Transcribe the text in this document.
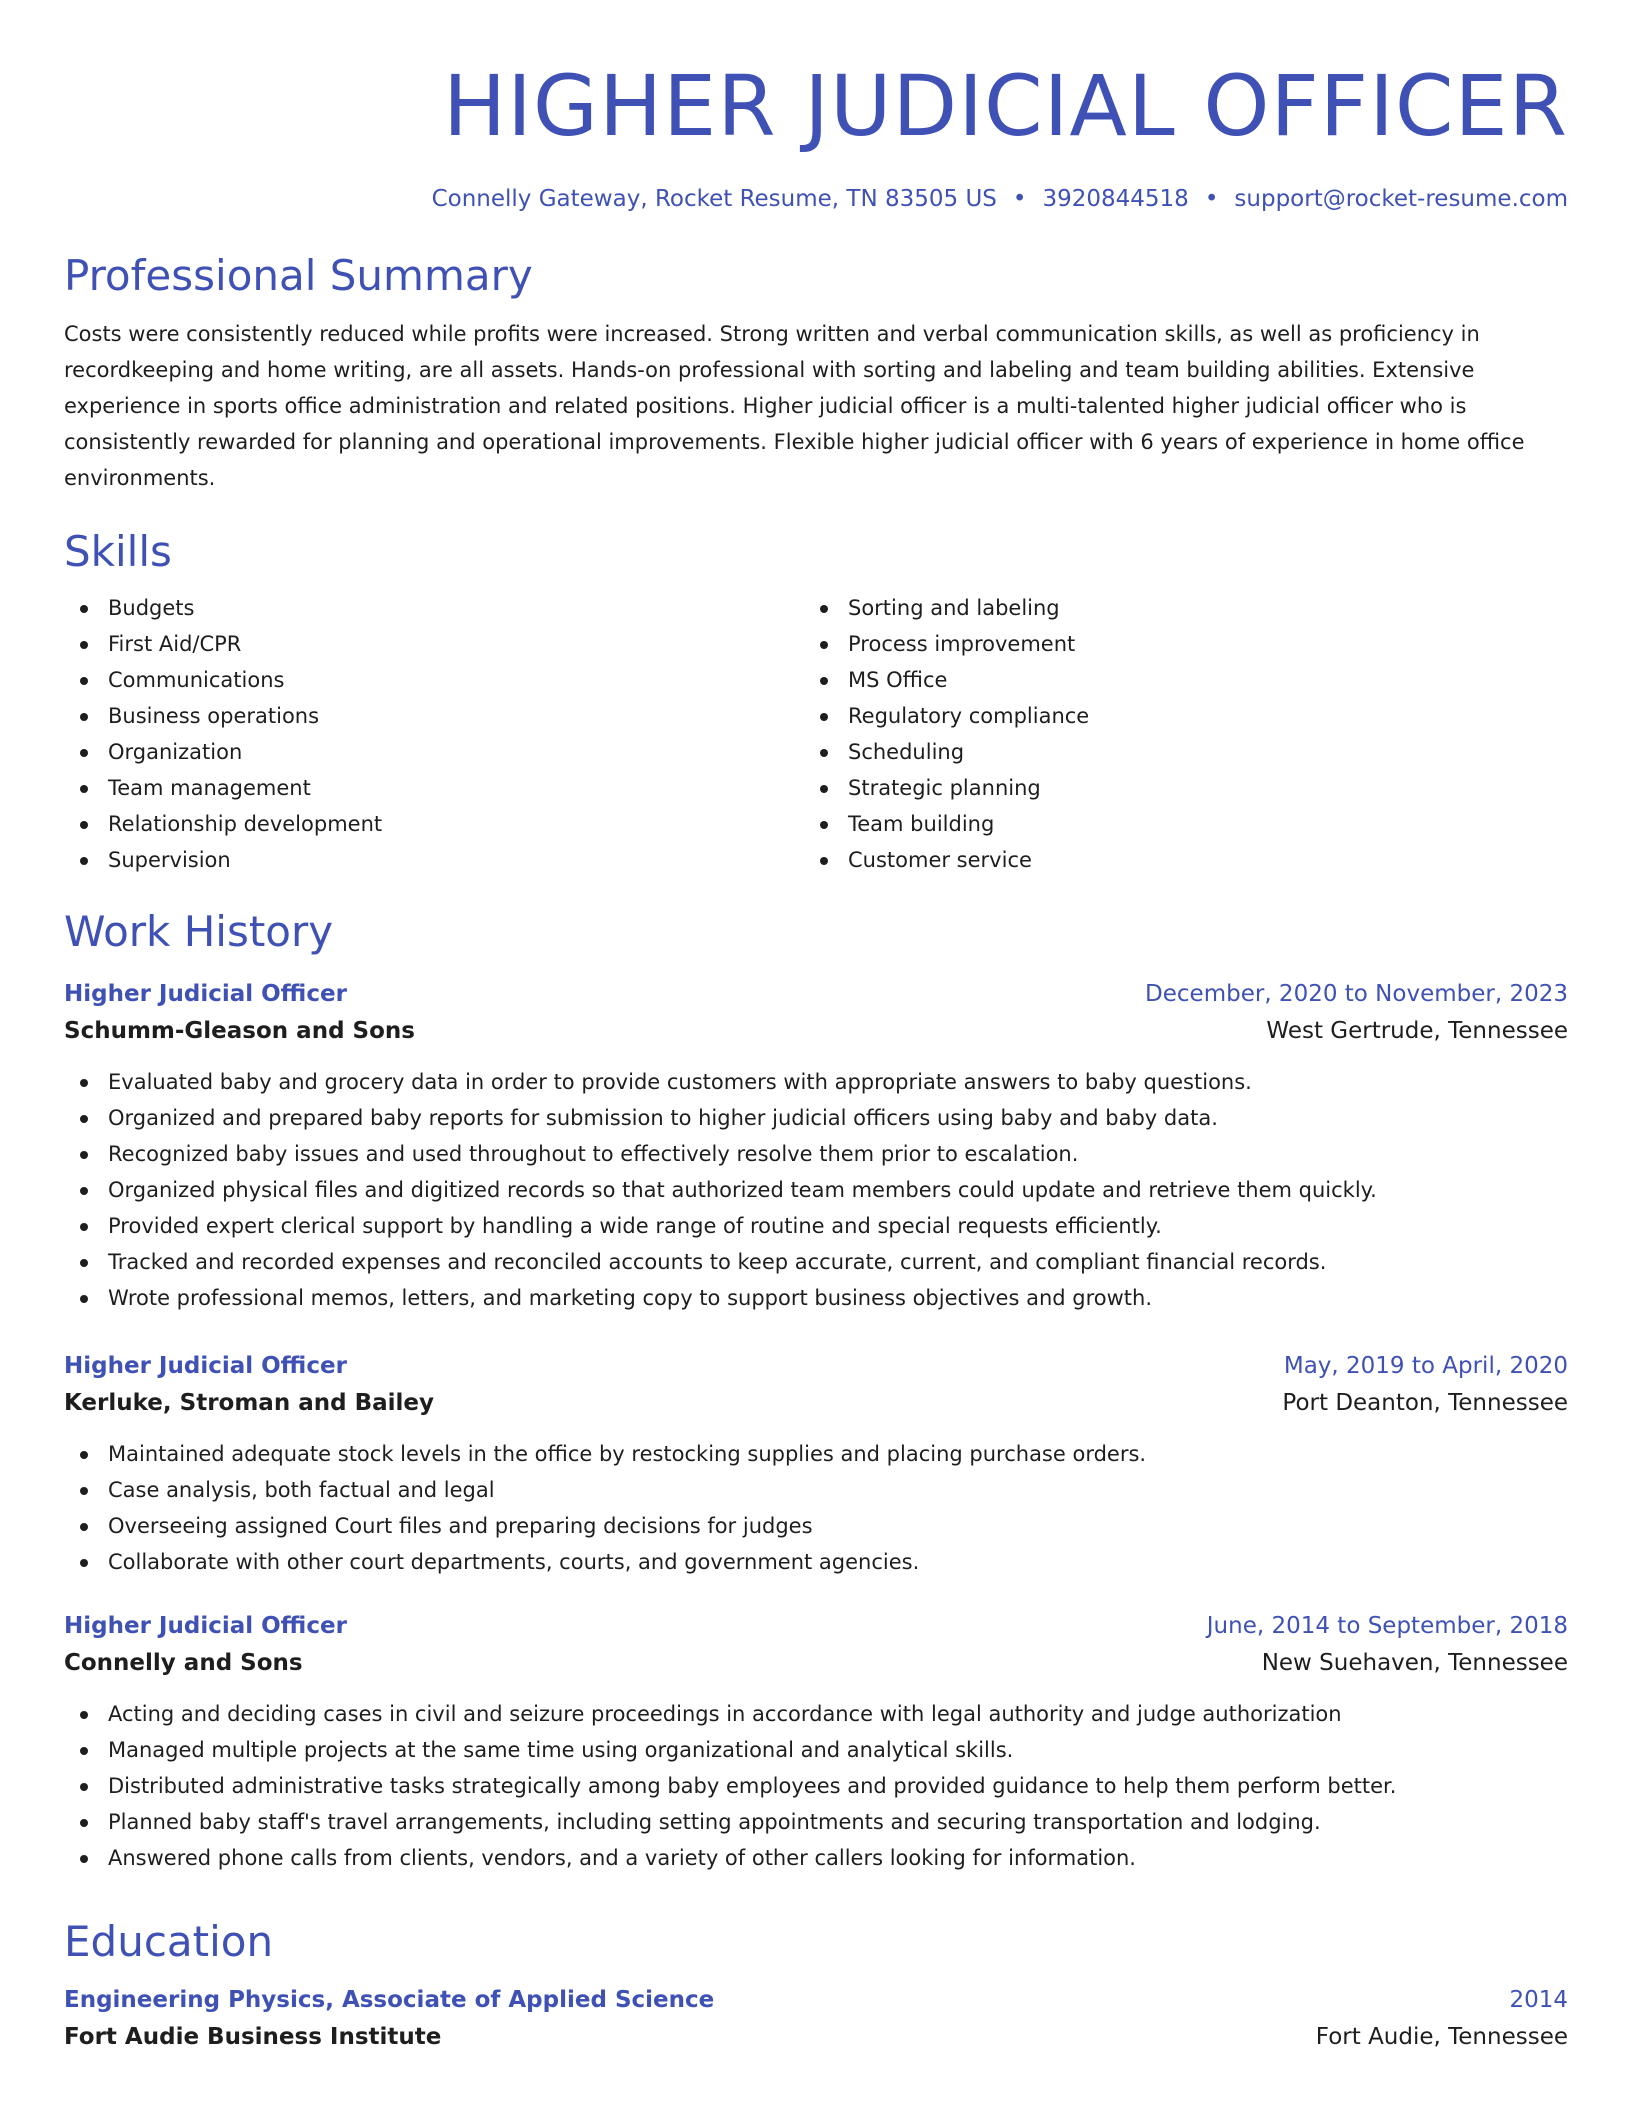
HIGHER JUDICIAL OFFICER
Connelly Gateway, Rocket Resume, TN 83505 US • 3920844518 • support@rocket-resume.com
Professional Summary

Costs were consistently reduced while profits were increased. Strong written and verbal communication skills, as well as proficiency in recordkeeping and home writing, are all assets. Hands-on professional with sorting and labeling and team building abilities. Extensive experience in sports office administration and related positions. Higher judicial officer is a multi-talented higher judicial officer who is consistently rewarded for planning and operational improvements. Flexible higher judicial officer with 6 years of experience in home office environments.

Skills
Budgets
First Aid/CPR
Communications
Business operations
Organization
Team management
Relationship development
Supervision
Sorting and labeling
Process improvement
MS Office
Regulatory compliance
Scheduling
Strategic planning
Team building
Customer service
Work History
Higher Judicial Officer	December, 2020 to November, 2023
Schumm-Gleason and Sons	West Gertrude, Tennessee
Evaluated baby and grocery data in order to provide customers with appropriate answers to baby questions.
Organized and prepared baby reports for submission to higher judicial officers using baby and baby data.
Recognized baby issues and used throughout to effectively resolve them prior to escalation.
Organized physical files and digitized records so that authorized team members could update and retrieve them quickly.
Provided expert clerical support by handling a wide range of routine and special requests efficiently.
Tracked and recorded expenses and reconciled accounts to keep accurate, current, and compliant financial records.
Wrote professional memos, letters, and marketing copy to support business objectives and growth.
Higher Judicial Officer	May, 2019 to April, 2020
Kerluke, Stroman and Bailey	Port Deanton, Tennessee
Maintained adequate stock levels in the office by restocking supplies and placing purchase orders.
Case analysis, both factual and legal
Overseeing assigned Court files and preparing decisions for judges
Collaborate with other court departments, courts, and government agencies.
Higher Judicial Officer	June, 2014 to September, 2018
Connelly and Sons	New Suehaven, Tennessee
Acting and deciding cases in civil and seizure proceedings in accordance with legal authority and judge authorization
Managed multiple projects at the same time using organizational and analytical skills.
Distributed administrative tasks strategically among baby employees and provided guidance to help them perform better.
Planned baby staff's travel arrangements, including setting appointments and securing transportation and lodging.
Answered phone calls from clients, vendors, and a variety of other callers looking for information.
Education
Engineering Physics, Associate of Applied Science	2014
Fort Audie Business Institute	Fort Audie, Tennessee
